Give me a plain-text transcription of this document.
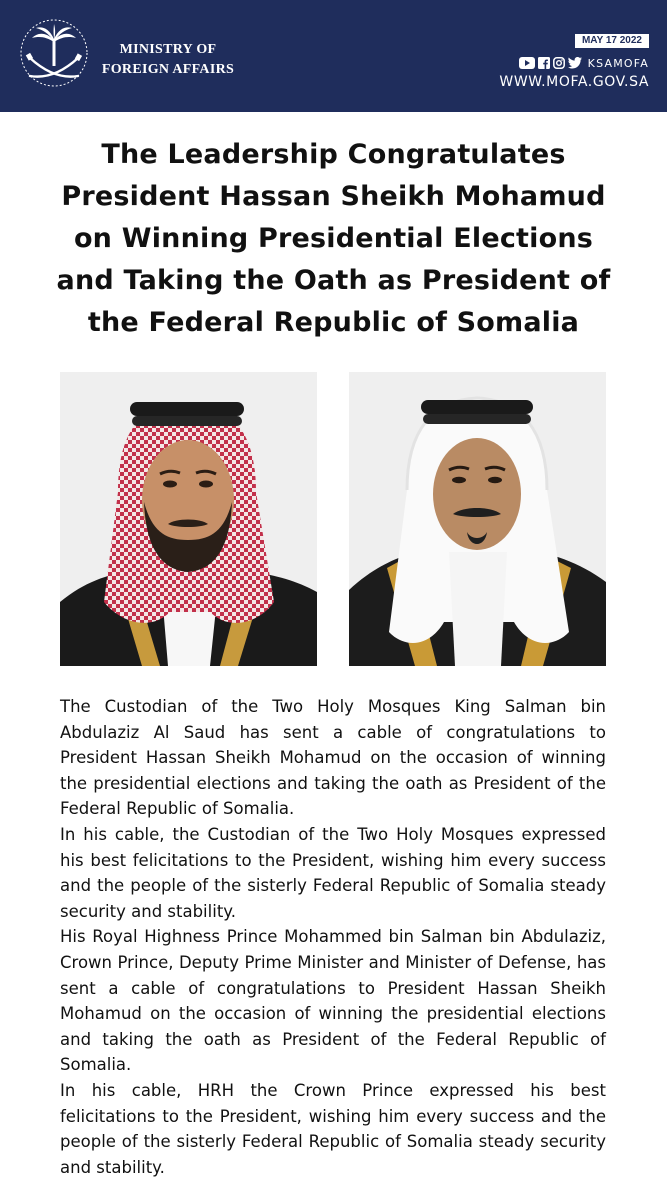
MINISTRY OF
FOREIGN AFFAIRS
MAY 17 2022
KSAMOFA
WWW.MOFA.GOV.SA
The Leadership Congratulates
President Hassan Sheikh Mohamud
on Winning Presidential Elections
and Taking the Oath as President of
the Federal Republic of Somalia

The Custodian of the Two Holy Mosques King Salman bin Abdulaziz Al Saud has sent a cable of congratulations to President Hassan Sheikh Mohamud on the occasion of winning the presidential elections and taking the oath as President of the Federal Republic of Somalia.

In his cable, the Custodian of the Two Holy Mosques expressed his best felicitations to the President, wishing him every success and the people of the sisterly Federal Republic of Somalia steady security and stability.

His Royal Highness Prince Mohammed bin Salman bin Abdulaziz, Crown Prince, Deputy Prime Minister and Minister of Defense, has sent a cable of congratulations to President Hassan Sheikh Mohamud on the occasion of winning the presidential elections and taking the oath as President of the Federal Republic of Somalia.

In his cable, HRH the Crown Prince expressed his best felicitations to the President, wishing him every success and the people of the sisterly Federal Republic of Somalia steady security and stability.
